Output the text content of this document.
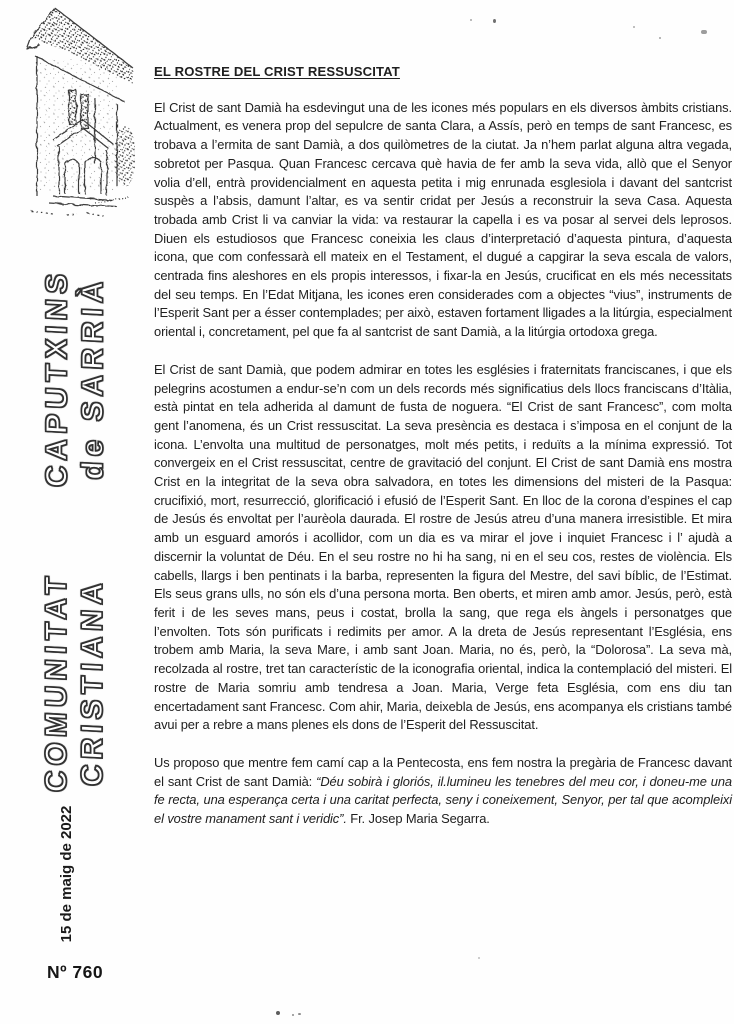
CAPUTXINS de SARRIÀ
COMUNITAT CRISTIANA
15 de maig de 2022
Nº 760
EL ROSTRE DEL CRIST RESSUSCITAT

El Crist de sant Damià ha esdevingut una de les icones més populars en els diversos àmbits cristians. Actualment, es venera prop del sepulcre de santa Clara, a Assís, però en temps de sant Francesc, es trobava a l’ermita de sant Damià, a dos quilòmetres de la ciutat. Ja n’hem parlat alguna altra vegada, sobretot per Pasqua. Quan Francesc cercava què havia de fer amb la seva vida, allò que el Senyor volia d’ell, entrà providencialment en aquesta petita i mig enrunada esglesiola i davant del santcrist suspès a l’absis, damunt l’altar, es va sentir cridat per Jesús a reconstruir la seva Casa. Aquesta trobada amb Crist li va canviar la vida: va restaurar la capella i es va posar al servei dels leprosos. Diuen els estudiosos que Francesc coneixia les claus d’interpretació d’aquesta pintura, d’aquesta icona, que com confessarà ell mateix en el Testament, el dugué a capgirar la seva escala de valors, centrada fins aleshores en els propis interessos, i fixar-la en Jesús, crucificat en els més necessitats del seu temps. En l’Edat Mitjana, les icones eren considerades com a objectes “vius”, instruments de l’Esperit Sant per a ésser contemplades; per això, estaven fortament lligades a la litúrgia, especialment oriental i, concretament, pel que fa al santcrist de sant Damià, a la litúrgia ortodoxa grega.

El Crist de sant Damià, que podem admirar en totes les esglésies i fraternitats franciscanes, i que els pelegrins acostumen a endur-se’n com un dels records més significatius dels llocs franciscans d’Itàlia, està pintat en tela adherida al damunt de fusta de noguera. “El Crist de sant Francesc”, com molta gent l’anomena, és un Crist ressuscitat. La seva presència es destaca i s’imposa en el conjunt de la icona. L’envolta una multitud de personatges, molt més petits, i reduïts a la mínima expressió. Tot convergeix en el Crist ressuscitat, centre de gravitació del conjunt. El Crist de sant Damià ens mostra Crist en la integritat de la seva obra salvadora, en totes les dimensions del misteri de la Pasqua: crucifixió, mort, resurrecció, glorificació i efusió de l’Esperit Sant. En lloc de la corona d’espines el cap de Jesús és envoltat per l’aurèola daurada. El rostre de Jesús atreu d’una manera irresistible. Et mira amb un esguard amorós i acollidor, com un dia es va mirar el jove i inquiet Francesc i l’ ajudà a discernir la voluntat de Déu. En el seu rostre no hi ha sang, ni en el seu cos, restes de violència. Els cabells, llargs i ben pentinats i la barba, representen la figura del Mestre, del savi bíblic, de l’Estimat. Els seus grans ulls, no són els d’una persona morta. Ben oberts, et miren amb amor. Jesús, però, està ferit i de les seves mans, peus i costat, brolla la sang, que rega els àngels i personatges que l’envolten. Tots són purificats i redimits per amor. A la dreta de Jesús representant l’Església, ens trobem amb Maria, la seva Mare, i amb sant Joan. Maria, no és, però, la “Dolorosa”. La seva mà, recolzada al rostre, tret tan característic de la iconografia oriental, indica la contemplació del misteri. El rostre de Maria somriu amb tendresa a Joan. Maria, Verge feta Església, com ens diu tan encertadament sant Francesc. Com ahir, Maria, deixebla de Jesús, ens acompanya els cristians també avui per a rebre a mans plenes els dons de l’Esperit del Ressuscitat.

Us proposo que mentre fem camí cap a la Pentecosta, ens fem nostra la pregària de Francesc davant el sant Crist de sant Damià: “Déu sobirà i gloriós, il.lumineu les tenebres del meu cor, i doneu-me una fe recta, una esperança certa i una caritat perfecta, seny i coneixement, Senyor, per tal que acompleixi el vostre manament sant i veridic”. Fr. Josep Maria Segarra.
